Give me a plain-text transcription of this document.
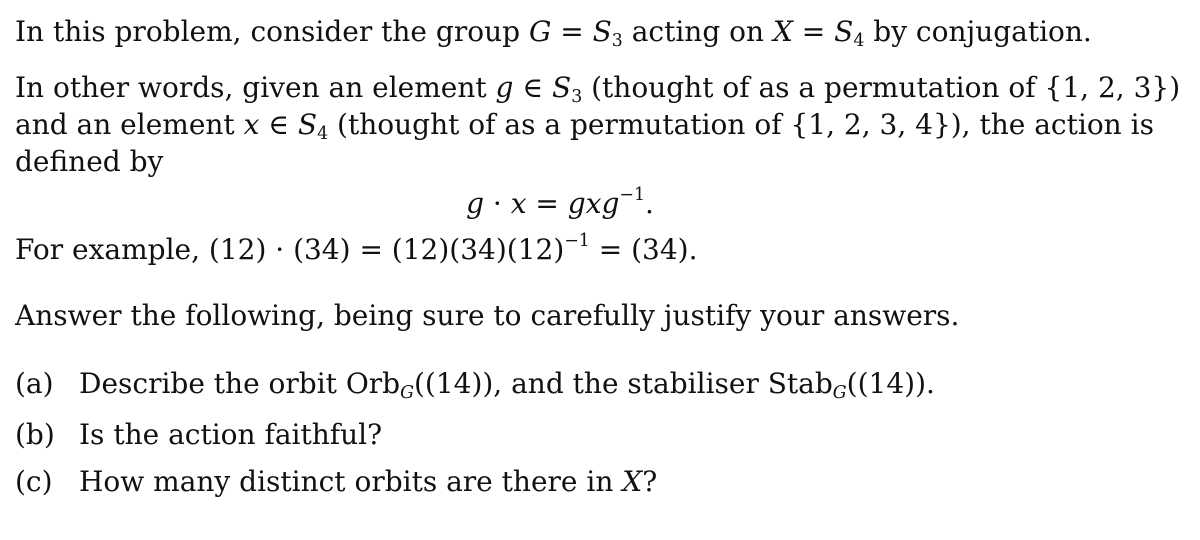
In this problem, consider the group $G = S_3$ acting on $X = S_4$ by conjugation.
In other words, given an element g ∈ $S_3$ (thought of as a permutation of {1, 2, 3})
and an element x ∈ $S_4$ (thought of as a permutation of {1, 2, 3, 4}), the action is
defined by
g · x = gxg$^{-1}$.
For example, $(12) \cdot (34) = (12)(34)(12)^{-1} = (34)$.
Answer the following, being sure to carefully justify your answers.
(a) Describe the orbit Orb$_G$((14)), and the stabiliser Stab$_G$((14)).
(b) Is the action faithful?
(c) How many distinct orbits are there in X?
